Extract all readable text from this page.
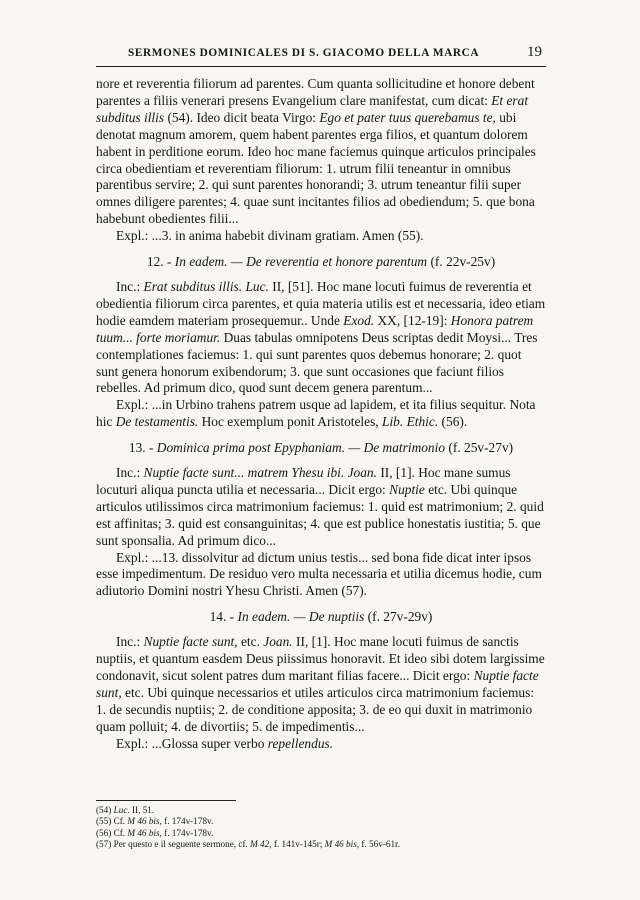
SERMONES DOMINICALES DI S. GIACOMO DELLA MARCA	19

nore et reverentia filiorum ad parentes. Cum quanta sollicitudine et honore debent parentes a filiis venerari presens Evangelium clare manifestat, cum dicat: Et erat subditus illis (54). Ideo dicit beata Virgo: Ego et pater tuus querebamus te, ubi denotat magnum amorem, quem habent parentes erga filios, et quantum dolorem habent in perditione eorum. Ideo hoc mane faciemus quinque articulos principales circa obedientiam et reverentiam filiorum: 1. utrum filii teneantur in omnibus parentibus servire; 2. qui sunt parentes honorandi; 3. utrum teneantur filii super omnes diligere parentes; 4. quae sunt incitantes filios ad obediendum; 5. que bona habebunt obedientes filii...

Expl.: ...3. in anima habebit divinam gratiam. Amen (55).

12. - In eadem. — De reverentia et honore parentum (f. 22v-25v)

Inc.: Erat subditus illis. Luc. II, [51]. Hoc mane locuti fuimus de reverentia et obedientia filiorum circa parentes, et quia materia utilis est et necessaria, ideo etiam hodie eamdem materiam prosequemur.. Unde Exod. XX, [12-19]: Honora patrem tuum... forte moriamur. Duas tabulas omnipotens Deus scriptas dedit Moysi... Tres contemplationes faciemus: 1. qui sunt parentes quos debemus honorare; 2. quot sunt genera honorum exibendorum; 3. que sunt occasiones que faciunt filios rebelles. Ad primum dico, quod sunt decem genera parentum...

Expl.: ...in Urbino trahens patrem usque ad lapidem, et ita filius sequitur. Nota hic De testamentis. Hoc exemplum ponit Aristoteles, Lib. Ethic. (56).

13. - Dominica prima post Epyphaniam. — De matrimonio (f. 25v-27v)

Inc.: Nuptie facte sunt... matrem Yhesu ibi. Joan. II, [1]. Hoc mane sumus locuturi aliqua puncta utilia et necessaria... Dicit ergo: Nuptie etc. Ubi quinque articulos utilissimos circa matrimonium faciemus: 1. quid est matrimonium; 2. quid est affinitas; 3. quid est consanguinitas; 4. que est publice honestatis iustitia; 5. que sunt sponsalia. Ad primum dico...

Expl.: ...13. dissolvitur ad dictum unius testis... sed bona fide dicat inter ipsos esse impedimentum. De residuo vero multa necessaria et utilia dicemus hodie, cum adiutorio Domini nostri Yhesu Christi. Amen (57).

14. - In eadem. — De nuptiis (f. 27v-29v)

Inc.: Nuptie facte sunt, etc. Joan. II, [1]. Hoc mane locuti fuimus de sanctis nuptiis, et quantum easdem Deus piissimus honoravit. Et ideo sibi dotem largissime condonavit, sicut solent patres dum maritant filias facere... Dicit ergo: Nuptie facte sunt, etc. Ubi quinque necessarios et utiles articulos circa matrimonium faciemus: 1. de secundis nuptiis; 2. de conditione apposita; 3. de eo qui duxit in matrimonio quam polluit; 4. de divortiis; 5. de impedimentis...

Expl.: ...Glossa super verbo repellendus.

(54) Luc. II, 51.

(55) Cf. M 46 bis, f. 174v-178v.

(56) Cf. M 46 bis, f. 174v-178v.

(57) Per questo e il seguente sermone, cf. M 42, f. 141v-145r; M 46 bis, f. 56v-61r.
